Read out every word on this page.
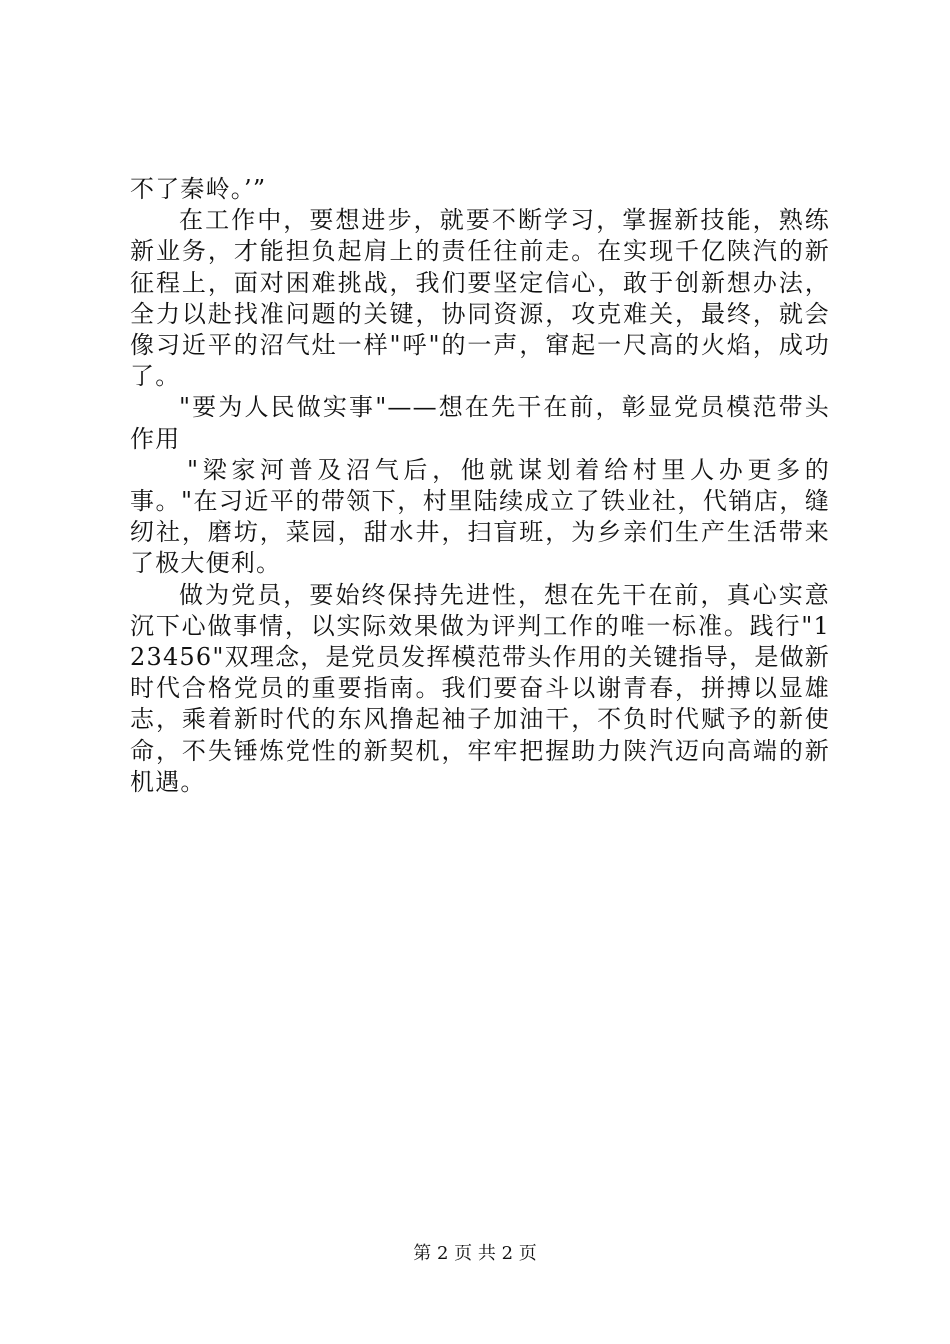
不了秦岭。’”

在工作中，要想进步，就要不断学习，掌握新技能，熟练新业务，才能担负起肩上的责任往前走。在实现千亿陕汽的新征程上，面对困难挑战，我们要坚定信心，敢于创新想办法，全力以赴找准问题的关键，协同资源，攻克难关，最终，就会像习近平的沼气灶一样"呼"的一声，窜起一尺高的火焰，成功了。

"要为人民做实事"——想在先干在前，彰显党员模范带头作用

"梁家河普及沼气后，他就谋划着给村里人办更多的事。"在习近平的带领下，村里陆续成立了铁业社，代销店，缝纫社，磨坊，菜园，甜水井，扫盲班，为乡亲们生产生活带来了极大便利。

做为党员，要始终保持先进性，想在先干在前，真心实意沉下心做事情，以实际效果做为评判工作的唯一标准。践行"123456"双理念，是党员发挥模范带头作用的关键指导，是做新时代合格党员的重要指南。我们要奋斗以谢青春，拼搏以显雄志，乘着新时代的东风撸起袖子加油干，不负时代赋予的新使命，不失锤炼党性的新契机，牢牢把握助力陕汽迈向高端的新机遇。

第 2 页 共 2 页
